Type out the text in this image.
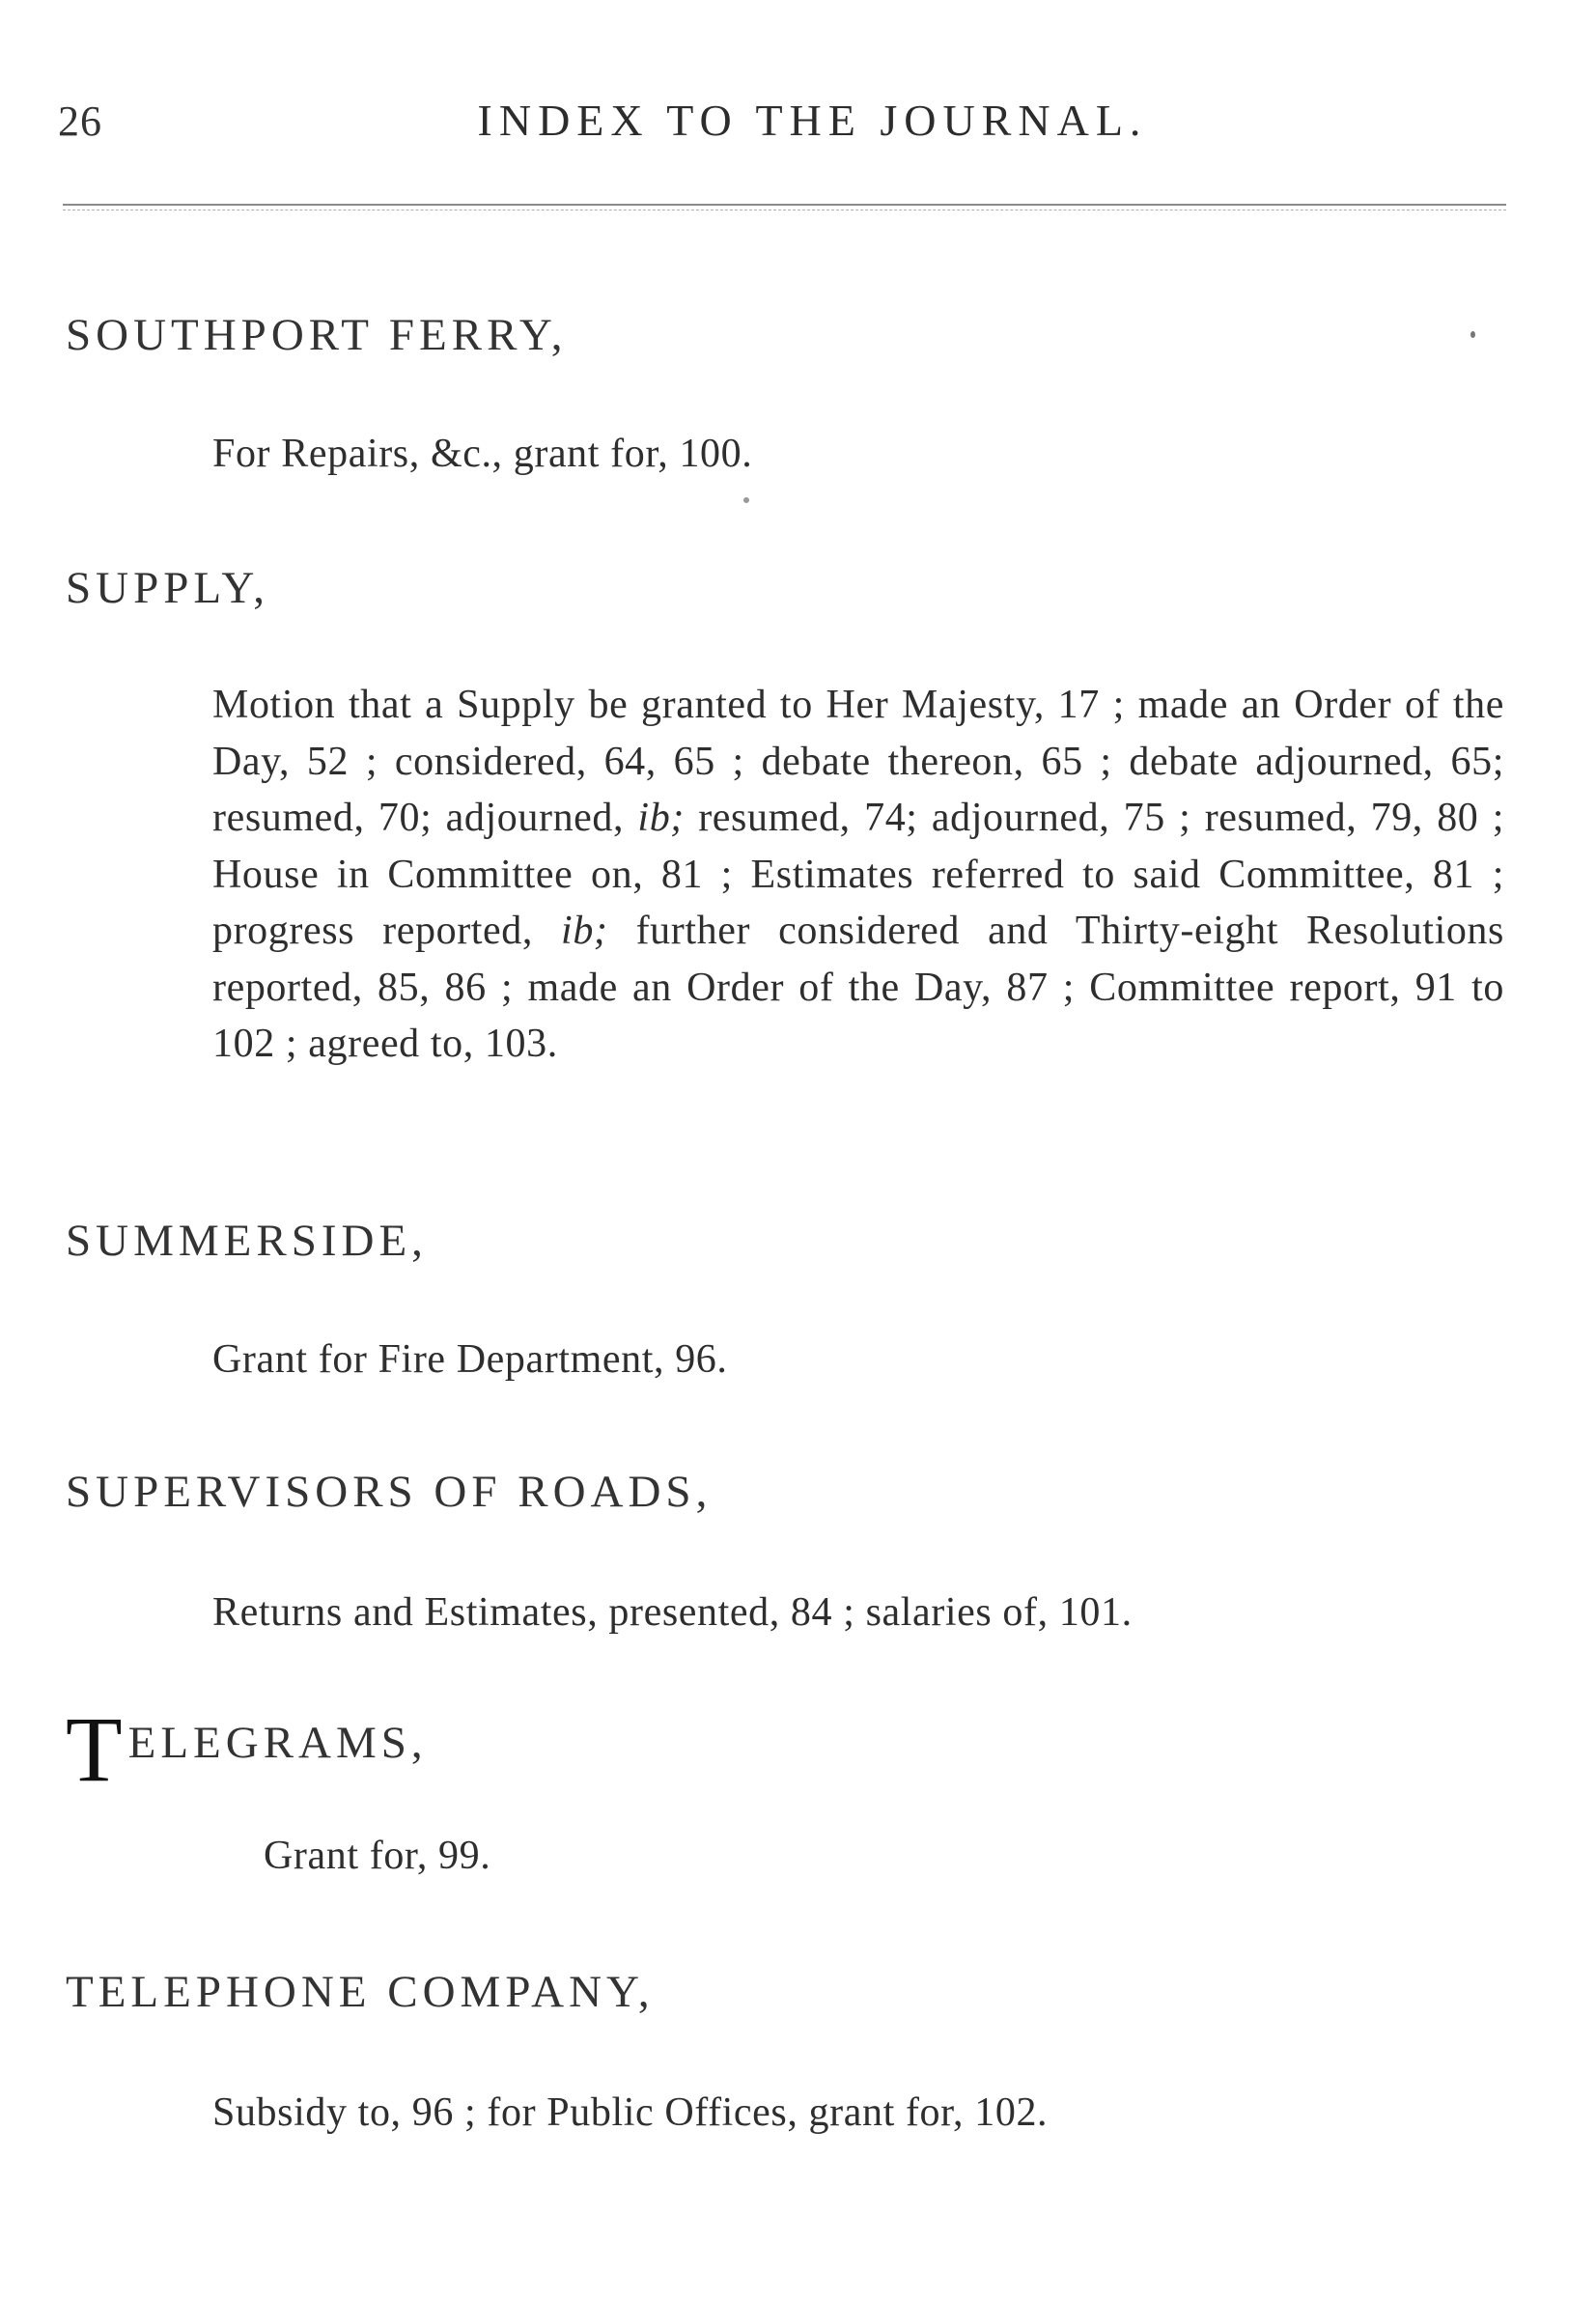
26	INDEX TO THE JOURNAL.
SOUTHPORT FERRY,
For Repairs, &c., grant for, 100.
SUPPLY,
Motion that a Supply be granted to Her Majesty, 17 ; made an Order of the Day, 52 ; considered, 64, 65 ; debate thereon, 65 ; debate adjourned, 65; resumed, 70; adjourned, ib; resumed, 74; adjourned, 75 ; resumed, 79, 80 ; House in Committee on, 81 ; Estimates referred to said Committee, 81 ; progress reported, ib; further considered and Thirty-eight Resolutions reported, 85, 86 ; made an Order of the Day, 87 ; Committee report, 91 to 102 ; agreed to, 103.
SUMMERSIDE,
Grant for Fire Department, 96.
SUPERVISORS OF ROADS,
Returns and Estimates, presented, 84 ; salaries of, 101.
T ELEGRAMS,
Grant for, 99.
TELEPHONE COMPANY,
Subsidy to, 96 ; for Public Offices, grant for, 102.
